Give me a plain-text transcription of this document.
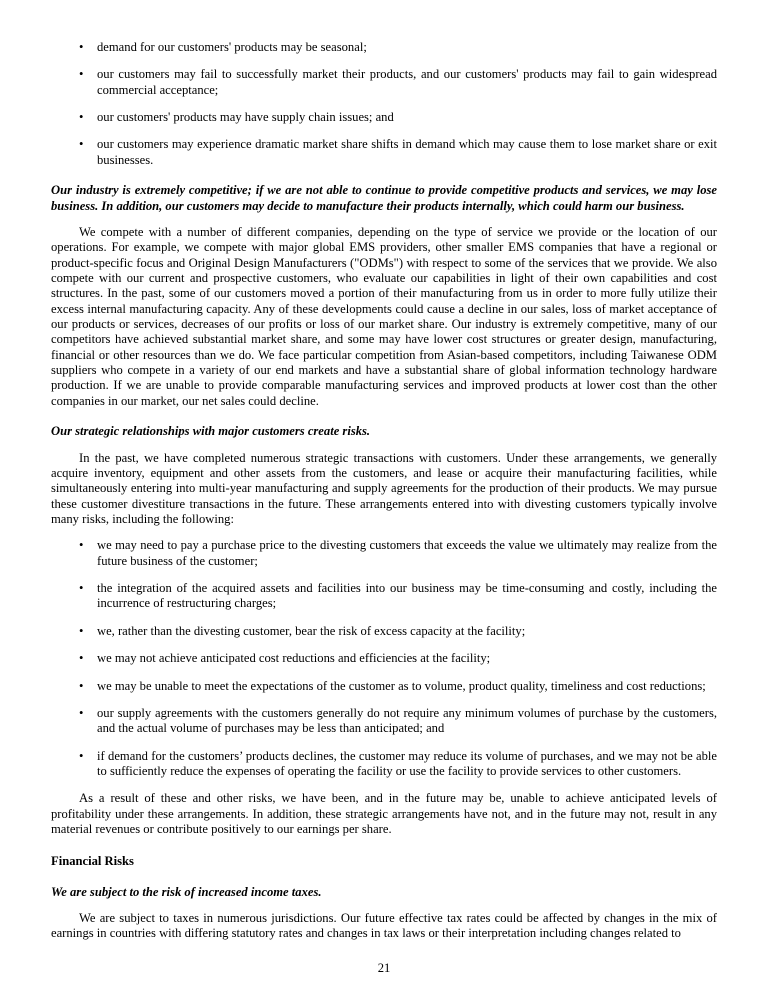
•	demand for our customers' products may be seasonal;
•	our customers may fail to successfully market their products, and our customers' products may fail to gain widespread commercial acceptance;
•	our customers' products may have supply chain issues; and
•	our customers may experience dramatic market share shifts in demand which may cause them to lose market share or exit businesses.
Our industry is extremely competitive; if we are not able to continue to provide competitive products and services, we may lose business. In addition, our customers may decide to manufacture their products internally, which could harm our business.

We compete with a number of different companies, depending on the type of service we provide or the location of our operations. For example, we compete with major global EMS providers, other smaller EMS companies that have a regional or product-specific focus and Original Design Manufacturers ("ODMs") with respect to some of the services that we provide. We also compete with our current and prospective customers, who evaluate our capabilities in light of their own capabilities and cost structures. In the past, some of our customers moved a portion of their manufacturing from us in order to more fully utilize their excess internal manufacturing capacity. Any of these developments could cause a decline in our sales, loss of market acceptance of our products or services, decreases of our profits or loss of our market share. Our industry is extremely competitive, many of our competitors have achieved substantial market share, and some may have lower cost structures or greater design, manufacturing, financial or other resources than we do. We face particular competition from Asian-based competitors, including Taiwanese ODM suppliers who compete in a variety of our end markets and have a substantial share of global information technology hardware production. If we are unable to provide comparable manufacturing services and improved products at lower cost than the other companies in our market, our net sales could decline.

Our strategic relationships with major customers create risks.

In the past, we have completed numerous strategic transactions with customers. Under these arrangements, we generally acquire inventory, equipment and other assets from the customers, and lease or acquire their manufacturing facilities, while simultaneously entering into multi-year manufacturing and supply agreements for the production of their products. We may pursue these customer divestiture transactions in the future. These arrangements entered into with divesting customers typically involve many risks, including the following:

•	we may need to pay a purchase price to the divesting customers that exceeds the value we ultimately may realize from the future business of the customer;
•	the integration of the acquired assets and facilities into our business may be time-consuming and costly, including the incurrence of restructuring charges;
•	we, rather than the divesting customer, bear the risk of excess capacity at the facility;
•	we may not achieve anticipated cost reductions and efficiencies at the facility;
•	we may be unable to meet the expectations of the customer as to volume, product quality, timeliness and cost reductions;
•	our supply agreements with the customers generally do not require any minimum volumes of purchase by the customers, and the actual volume of purchases may be less than anticipated; and
•	if demand for the customers’ products declines, the customer may reduce its volume of purchases, and we may not be able to sufficiently reduce the expenses of operating the facility or use the facility to provide services to other customers.

As a result of these and other risks, we have been, and in the future may be, unable to achieve anticipated levels of profitability under these arrangements. In addition, these strategic arrangements have not, and in the future may not, result in any material revenues or contribute positively to our earnings per share.

Financial Risks
We are subject to the risk of increased income taxes.

We are subject to taxes in numerous jurisdictions. Our future effective tax rates could be affected by changes in the mix of earnings in countries with differing statutory rates and changes in tax laws or their interpretation including changes related to

21
